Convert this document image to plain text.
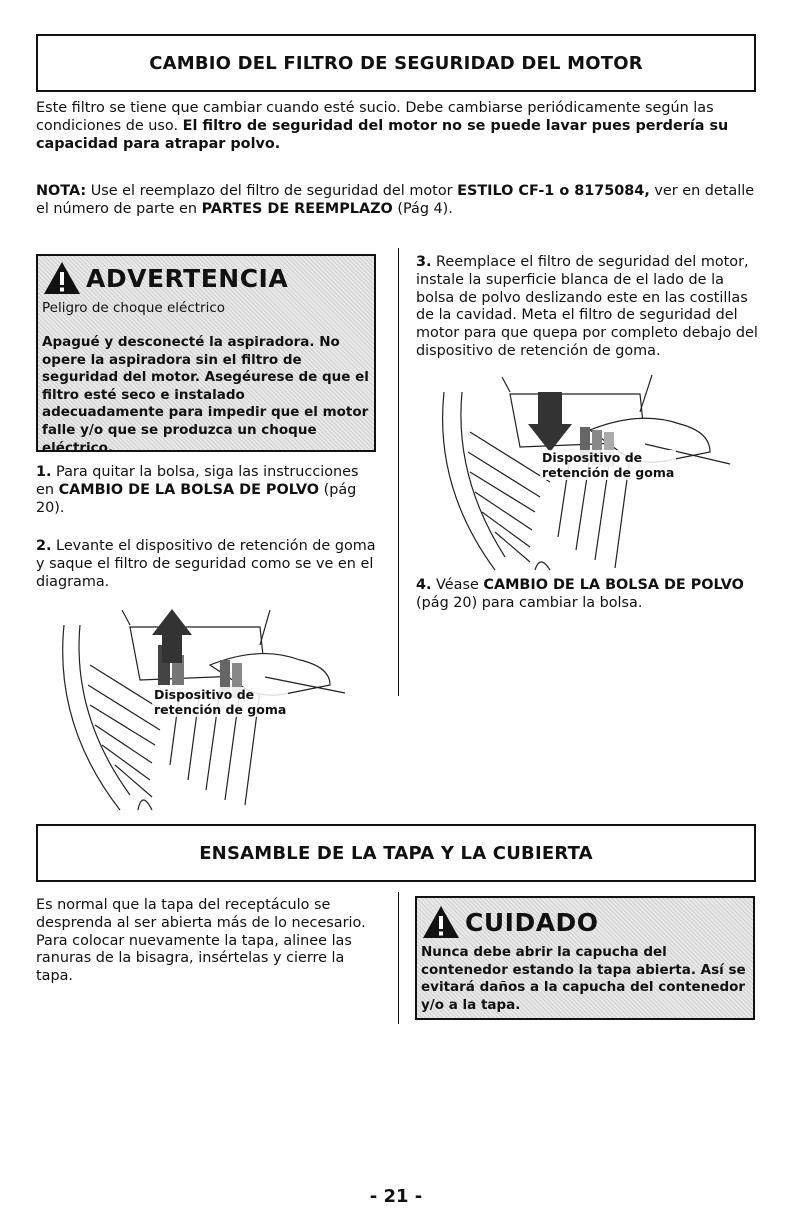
CAMBIO DEL FILTRO DE SEGURIDAD DEL MOTOR

Este filtro se tiene que cambiar cuando esté sucio. Debe cambiarse periódicamente según las condiciones de uso. El filtro de seguridad del motor no se puede lavar pues perdería su capacidad para atrapar polvo.

NOTA: Use el reemplazo del filtro de seguridad del motor ESTILO CF-1 o 8175084, ver en detalle el número de parte en PARTES DE REEMPLAZO (Pág 4).

ADVERTENCIA
Peligro de choque eléctrico
Apagué y desconecté la aspiradora. No opere la aspiradora sin el filtro de seguridad del motor. Asegéurese de que el filtro esté seco e instalado adecuadamente para impedir que el motor falle y/o que se produzca un choque eléctrico.

1. Para quitar la bolsa, siga las instrucciones en CAMBIO DE LA BOLSA DE POLVO (pág 20).

2. Levante el dispositivo de retención de goma y saque el filtro de seguridad como se ve en el diagrama.

Dispositivo de
retención de goma

3. Reemplace el filtro de seguridad del motor, instale la superficie blanca de el lado de la bolsa de polvo deslizando este en las costillas de la cavidad. Meta el filtro de seguridad del motor para que quepa por completo debajo del dispositivo de retención de goma.

Dispositivo de
retención de goma

4. Véase CAMBIO DE LA BOLSA DE POLVO (pág 20) para cambiar la bolsa.

ENSAMBLE DE LA TAPA Y LA CUBIERTA

Es normal que la tapa del receptáculo se desprenda al ser abierta más de lo necesario. Para colocar nuevamente la tapa, alinee las ranuras de la bisagra, insértelas y cierre la tapa.

CUIDADO
Nunca debe abrir la capucha del contenedor estando la tapa abierta. Así se evitará daños a la capucha del contenedor y/o a la tapa.
- 21 -
